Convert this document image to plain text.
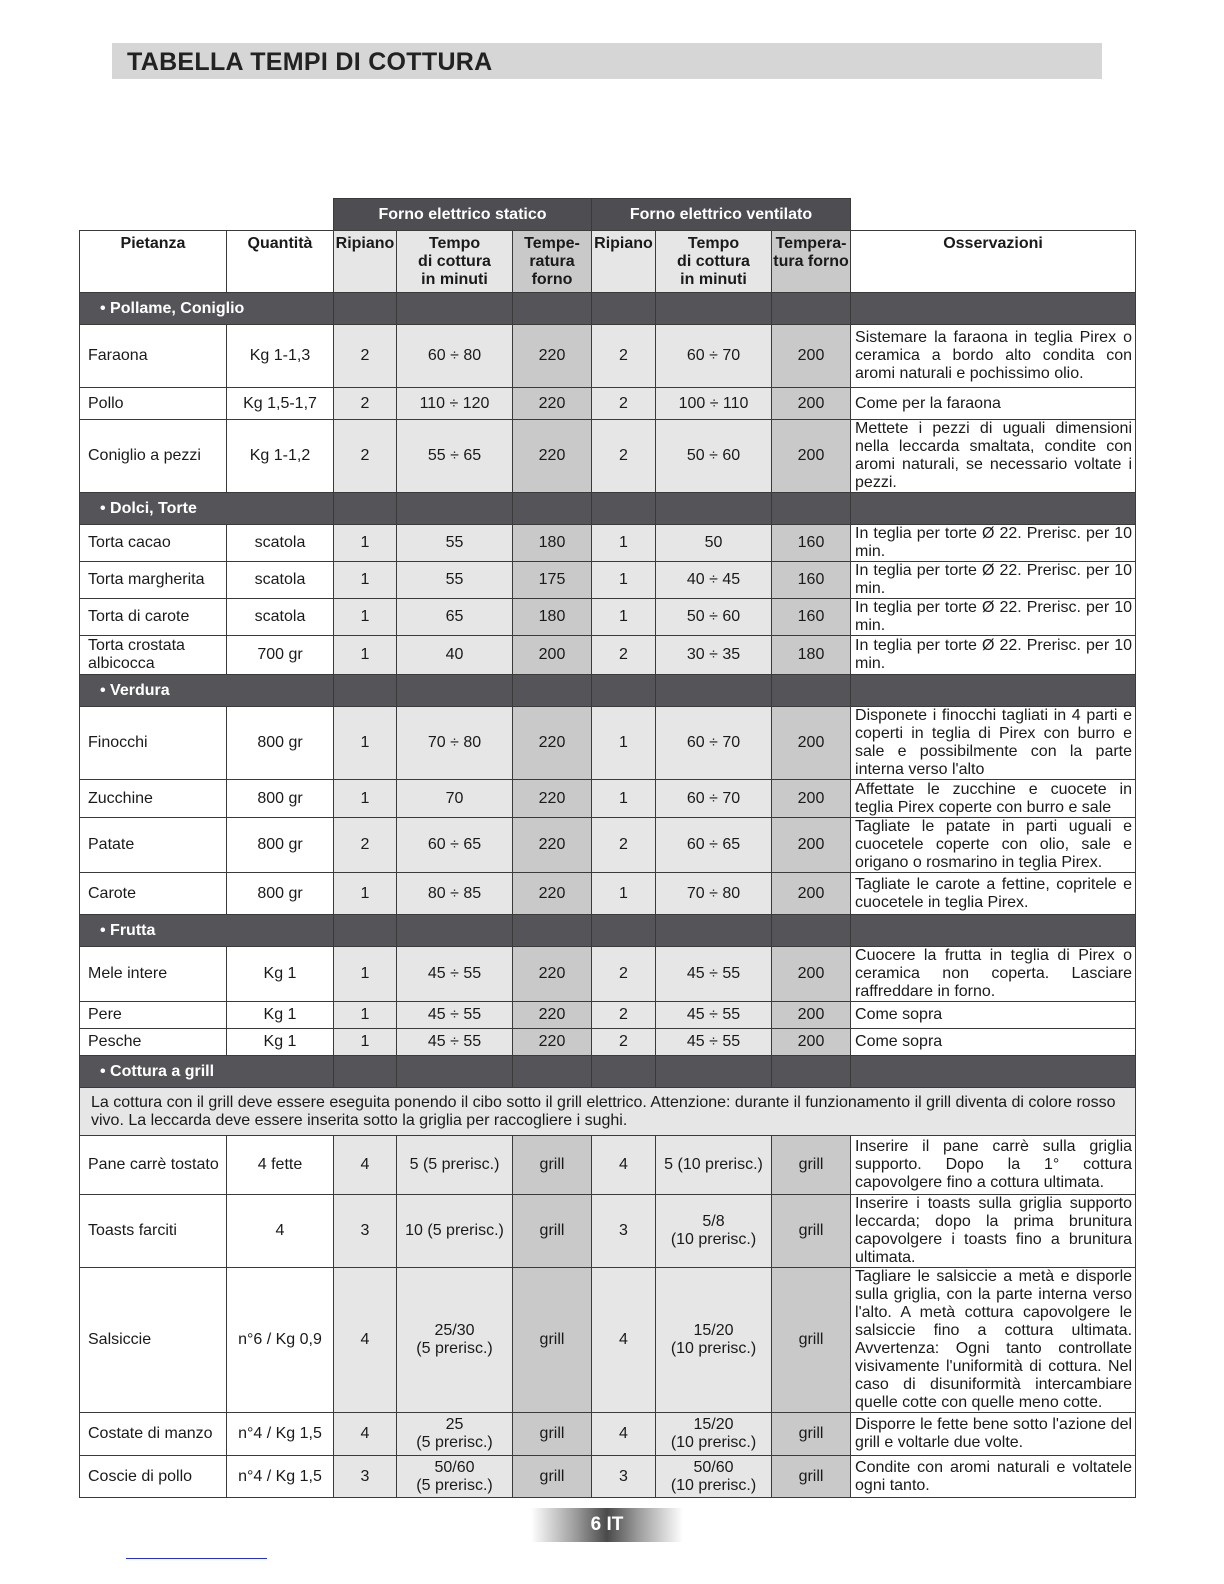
TABELLA TEMPI DI COTTURA
		Forno elettrico statico			Forno elettrico ventilato			
Pietanza	Quantità	Ripiano	Tempo
di cottura
in minuti	Tempe-
ratura
forno	Ripiano	Tempo
di cottura
in minuti	Tempera-
tura forno	Osservazioni
• Pollame, Coniglio								
Faraona	Kg 1-1,3	2	60 ÷ 80	220	2	60 ÷ 70	200	Sistemare la faraona in teglia Pirex o ceramica a bordo alto condita con aromi naturali e pochissimo olio.
Pollo	Kg 1,5-1,7	2	110 ÷ 120	220	2	100 ÷ 110	200	Come per la faraona
Coniglio a pezzi	Kg 1-1,2	2	55 ÷ 65	220	2	50 ÷ 60	200	Mettete i pezzi di uguali dimensioni nella leccarda smaltata, condite con aromi naturali, se necessario voltate i pezzi.
• Dolci, Torte								
Torta cacao	scatola	1	55	180	1	50	160	In teglia per torte Ø 22. Prerisc. per 10 min.
Torta margherita	scatola	1	55	175	1	40 ÷ 45	160	In teglia per torte Ø 22. Prerisc. per 10 min.
Torta di carote	scatola	1	65	180	1	50 ÷ 60	160	In teglia per torte Ø 22. Prerisc. per 10 min.
Torta crostata albicocca	700 gr	1	40	200	2	30 ÷ 35	180	In teglia per torte Ø 22. Prerisc. per 10 min.
• Verdura								
Finocchi	800 gr	1	70 ÷ 80	220	1	60 ÷ 70	200	Disponete i finocchi tagliati in 4 parti e coperti in teglia di Pirex con burro e sale e possibilmente con la parte interna verso l'alto
Zucchine	800 gr	1	70	220	1	60 ÷ 70	200	Affettate le zucchine e cuocete in teglia Pirex coperte con burro e sale
Patate	800 gr	2	60 ÷ 65	220	2	60 ÷ 65	200	Tagliate le patate in parti uguali e cuocetele coperte con olio, sale e origano o rosmarino in teglia Pirex.
Carote	800 gr	1	80 ÷ 85	220	1	70 ÷ 80	200	Tagliate le carote a fettine, copritele e cuocetele in teglia Pirex.
• Frutta								
Mele intere	Kg 1	1	45 ÷ 55	220	2	45 ÷ 55	200	Cuocere la frutta in teglia di Pirex o ceramica non coperta. Lasciare raffreddare in forno.
Pere	Kg 1	1	45 ÷ 55	220	2	45 ÷ 55	200	Come sopra
Pesche	Kg 1	1	45 ÷ 55	220	2	45 ÷ 55	200	Come sopra
• Cottura a grill								
La cottura con il grill deve essere eseguita ponendo il cibo sotto il grill elettrico. Attenzione: durante il funzionamento il grill diventa di colore rosso vivo. La leccarda deve essere inserita sotto la griglia per raccogliere i sughi.								
Pane carrè tostato	4 fette	4	5 (5 prerisc.)	grill	4	5 (10 prerisc.)	grill	Inserire il pane carrè sulla griglia supporto. Dopo la 1° cottura capovolgere fino a cottura ultimata.
Toasts farciti	4	3	10 (5 prerisc.)	grill	3	5/8
(10 prerisc.)	grill	Inserire i toasts sulla griglia supporto leccarda; dopo la prima brunitura capovolgere i toasts fino a brunitura ultimata.
Salsiccie	n°6 / Kg 0,9	4	25/30
(5 prerisc.)	grill	4	15/20
(10 prerisc.)	grill	Tagliare le salsiccie a metà e disporle sulla griglia, con la parte interna verso l'alto. A metà cottura capovolgere le salsiccie fino a cottura ultimata. Avvertenza: Ogni tanto controllate visivamente l'uniformità di cottura. Nel caso di disuniformità intercambiare quelle cotte con quelle meno cotte.
Costate di manzo	n°4 / Kg 1,5	4	25
(5 prerisc.)	grill	4	15/20
(10 prerisc.)	grill	Disporre le fette bene sotto l'azione del grill e voltarle due volte.
Coscie di pollo	n°4 / Kg 1,5	3	50/60
(5 prerisc.)	grill	3	50/60
(10 prerisc.)	grill	Condite con aromi naturali e voltatele ogni tanto.
6 IT
